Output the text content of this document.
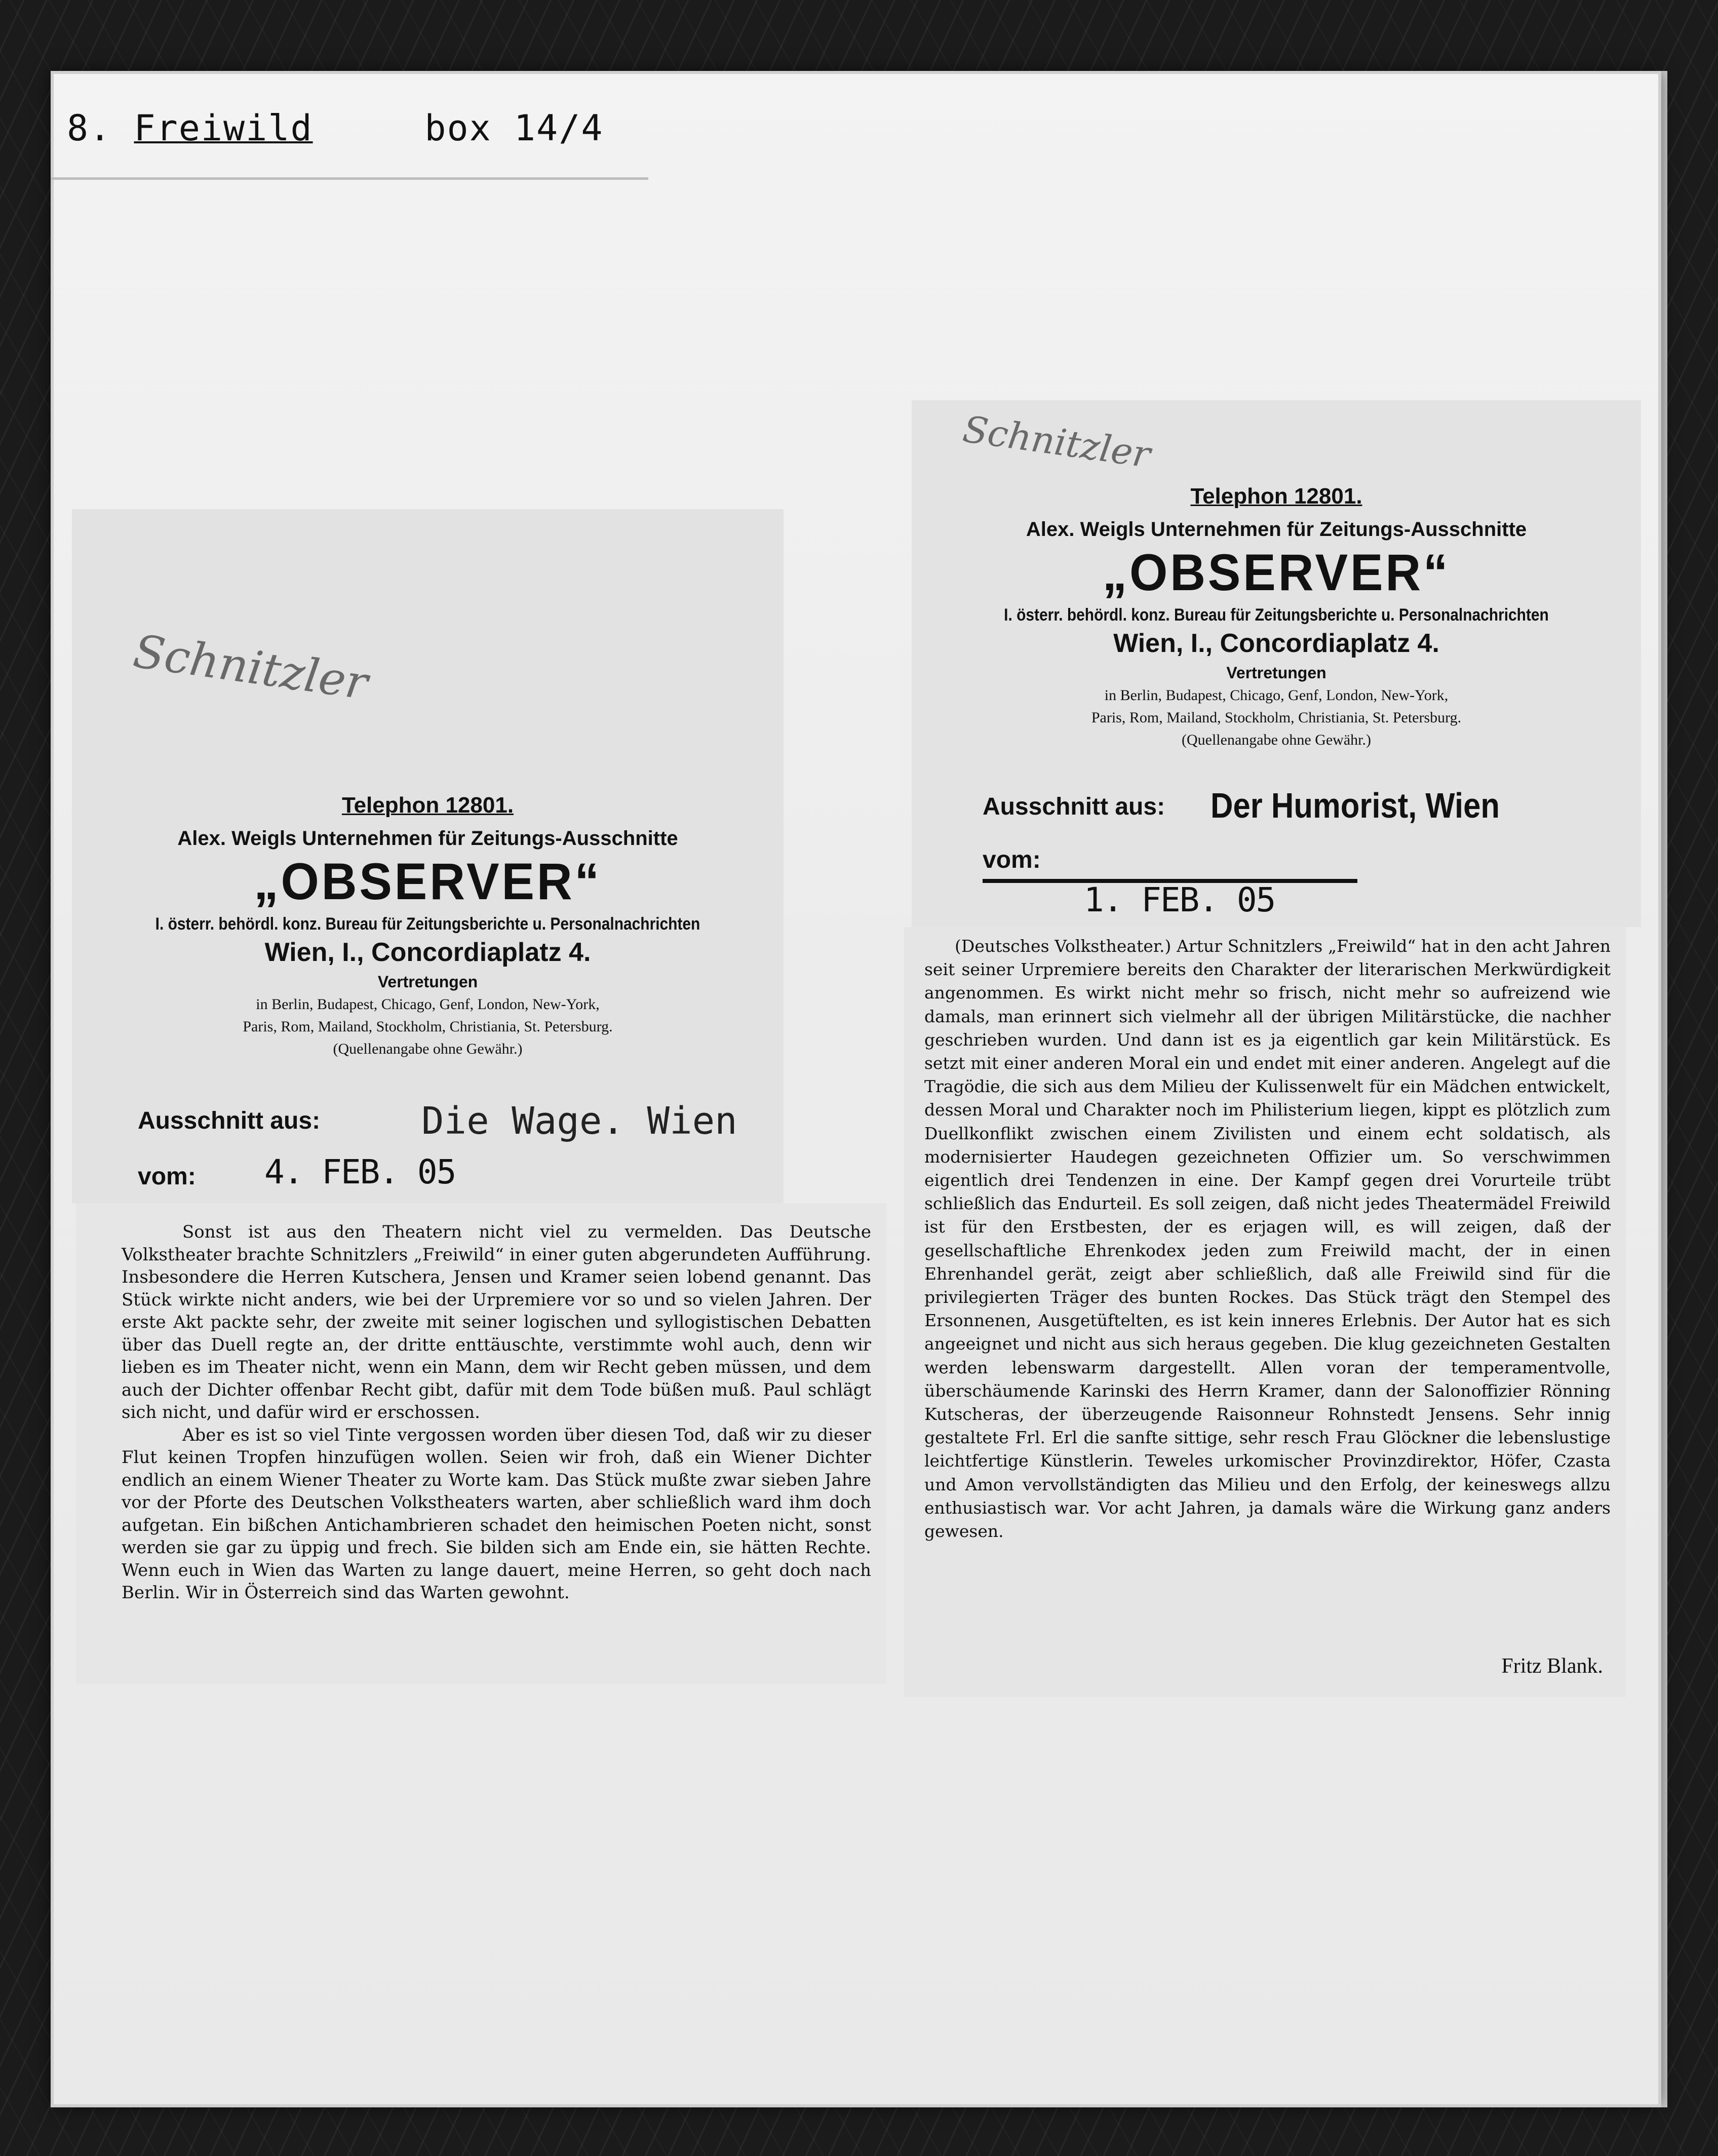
8. Freiwild	box 14/4
Schnitzler
Telephon 12801.
Alex. Weigls Unternehmen für Zeitungs-Ausschnitte
„OBSERVER“
I. österr. behördl. konz. Bureau für Zeitungsberichte u. Personalnachrichten
Wien, I., Concordiaplatz 4.
Vertretungen
in Berlin, Budapest, Chicago, Genf, London, New-York,
Paris, Rom, Mailand, Stockholm, Christiania, St. Petersburg.
(Quellenangabe ohne Gewähr.)
Ausschnitt aus:	Die Wage. Wien
vom: 4. FEB. 05

Sonst ist aus den Theatern nicht viel zu vermelden. Das Deutsche Volkstheater brachte Schnitzlers „Freiwild“ in einer guten abgerundeten Aufführung. Insbesondere die Herren Kutschera, Jensen und Kramer seien lobend genannt. Das Stück wirkte nicht anders, wie bei der Urpremiere vor so und so vielen Jahren. Der erste Akt packte sehr, der zweite mit seiner logischen und syllogistischen Debatten über das Duell regte an, der dritte enttäuschte, verstimmte wohl auch, denn wir lieben es im Theater nicht, wenn ein Mann, dem wir Recht geben müssen, und dem auch der Dichter offenbar Recht gibt, dafür mit dem Tode büßen muß. Paul schlägt sich nicht, und dafür wird er erschossen.

Aber es ist so viel Tinte vergossen worden über diesen Tod, daß wir zu dieser Flut keinen Tropfen hinzufügen wollen. Seien wir froh, daß ein Wiener Dichter endlich an einem Wiener Theater zu Worte kam. Das Stück mußte zwar sieben Jahre vor der Pforte des Deutschen Volkstheaters warten, aber schließlich ward ihm doch aufgetan. Ein bißchen Antichambrieren schadet den heimischen Poeten nicht, sonst werden sie gar zu üppig und frech. Sie bilden sich am Ende ein, sie hätten Rechte. Wenn euch in Wien das Warten zu lange dauert, meine Herren, so geht doch nach Berlin. Wir in Österreich sind das Warten gewohnt.

Schnitzler
Telephon 12801.
Alex. Weigls Unternehmen für Zeitungs-Ausschnitte
„OBSERVER“
I. österr. behördl. konz. Bureau für Zeitungsberichte u. Personalnachrichten
Wien, I., Concordiaplatz 4.
Vertretungen
in Berlin, Budapest, Chicago, Genf, London, New-York,
Paris, Rom, Mailand, Stockholm, Christiania, St. Petersburg.
(Quellenangabe ohne Gewähr.)
Ausschnitt aus: Der Humorist, Wien
vom:
1. FEB. 05

(Deutsches Volkstheater.) Artur Schnitzlers „Freiwild“ hat in den acht Jahren seit seiner Urpremiere bereits den Charakter der literarischen Merkwürdigkeit angenommen. Es wirkt nicht mehr so frisch, nicht mehr so aufreizend wie damals, man erinnert sich vielmehr all der übrigen Militärstücke, die nachher geschrieben wurden. Und dann ist es ja eigentlich gar kein Militärstück. Es setzt mit einer anderen Moral ein und endet mit einer anderen. Angelegt auf die Tragödie, die sich aus dem Milieu der Kulissenwelt für ein Mädchen entwickelt, dessen Moral und Charakter noch im Philisterium liegen, kippt es plötzlich zum Duellkonflikt zwischen einem Zivilisten und einem echt soldatisch, als modernisierter Haudegen gezeichneten Offizier um. So verschwimmen eigentlich drei Tendenzen in eine. Der Kampf gegen drei Vorurteile trübt schließlich das Endurteil. Es soll zeigen, daß nicht jedes Theatermädel Freiwild ist für den Erstbesten, der es erjagen will, es will zeigen, daß der gesellschaftliche Ehrenkodex jeden zum Freiwild macht, der in einen Ehrenhandel gerät, zeigt aber schließlich, daß alle Freiwild sind für die privilegierten Träger des bunten Rockes. Das Stück trägt den Stempel des Ersonnenen, Ausgetüftelten, es ist kein inneres Erlebnis. Der Autor hat es sich angeeignet und nicht aus sich heraus gegeben. Die klug gezeichneten Gestalten werden lebenswarm dargestellt. Allen voran der temperamentvolle, überschäumende Karinski des Herrn Kramer, dann der Salonoffizier Rönning Kutscheras, der überzeugende Raisonneur Rohnstedt Jensens. Sehr innig gestaltete Frl. Erl die sanfte sittige, sehr resch Frau Glöckner die lebenslustige leichtfertige Künstlerin. Teweles urkomischer Provinzdirektor, Höfer, Czasta und Amon vervollständigten das Milieu und den Erfolg, der keineswegs allzu enthusiastisch war. Vor acht Jahren, ja damals wäre die Wirkung ganz anders gewesen.

Fritz Blank.
